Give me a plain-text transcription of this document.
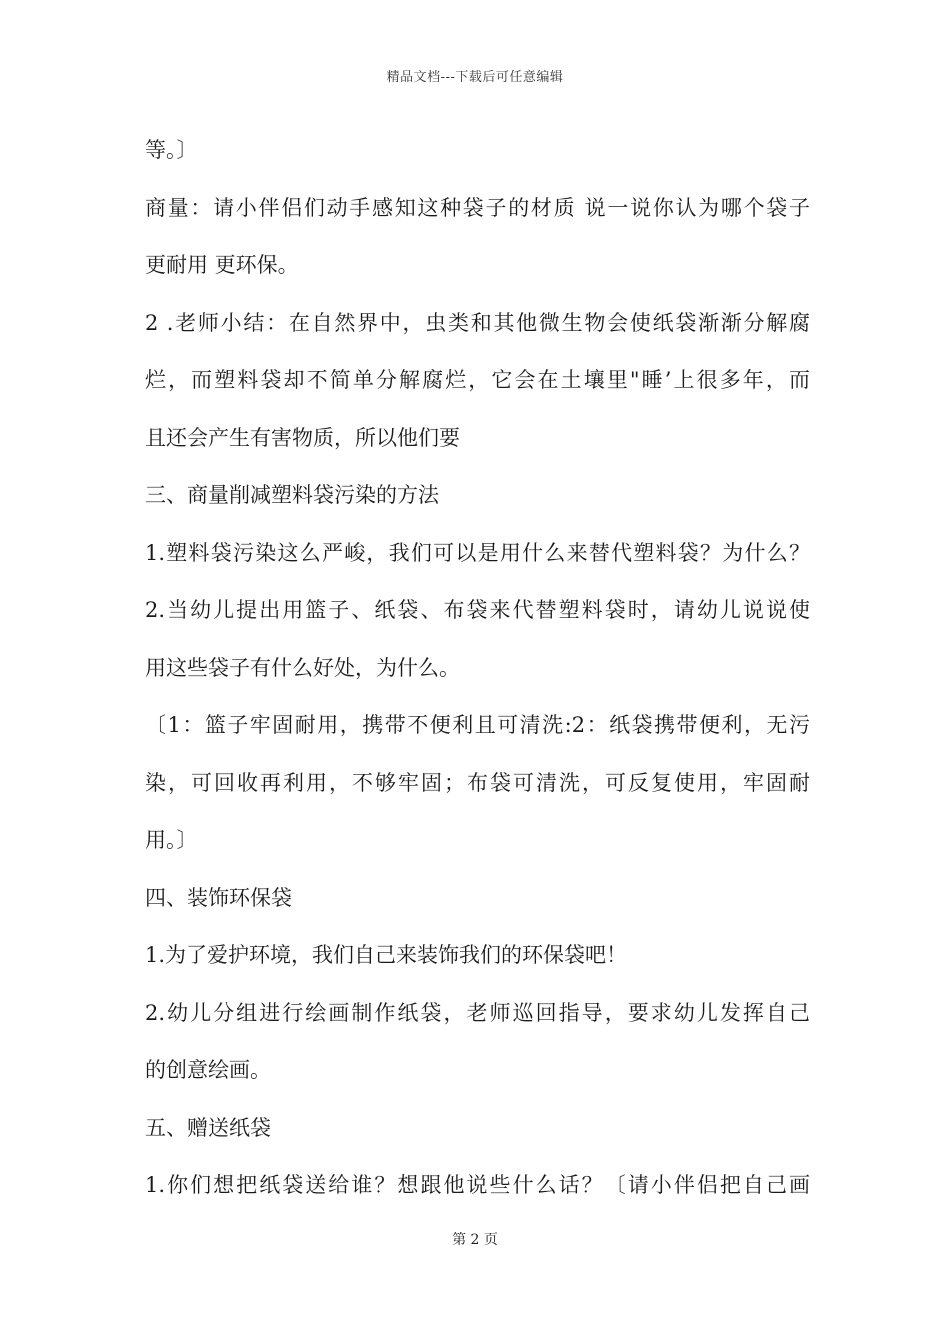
精品文档---下载后可任意编辑
等。〕
商量：请小伴侣们动手感知这种袋子的材质 说一说你认为哪个袋子
更耐用 更环保。
2 .老师小结：在自然界中，虫类和其他微生物会使纸袋渐渐分解腐
烂，而塑料袋却不简单分解腐烂，它会在土壤里"睡’上很多年，而
且还会产生有害物质，所以他们要
三、商量削减塑料袋污染的方法
1.塑料袋污染这么严峻，我们可以是用什么来替代塑料袋？为什么？
2.当幼儿提出用篮子、纸袋、布袋来代替塑料袋时，请幼儿说说使
用这些袋子有什么好处，为什么。
〔1：篮子牢固耐用，携带不便利且可清洗:2：纸袋携带便利，无污
染，可回收再利用，不够牢固；布袋可清洗，可反复使用，牢固耐
用。〕
四、装饰环保袋
1.为了爱护环境，我们自己来装饰我们的环保袋吧！
2.幼儿分组进行绘画制作纸袋，老师巡回指导，要求幼儿发挥自己
的创意绘画。
五、赠送纸袋
1.你们想把纸袋送给谁？想跟他说些什么话？〔请小伴侣把自己画
第 2 页
